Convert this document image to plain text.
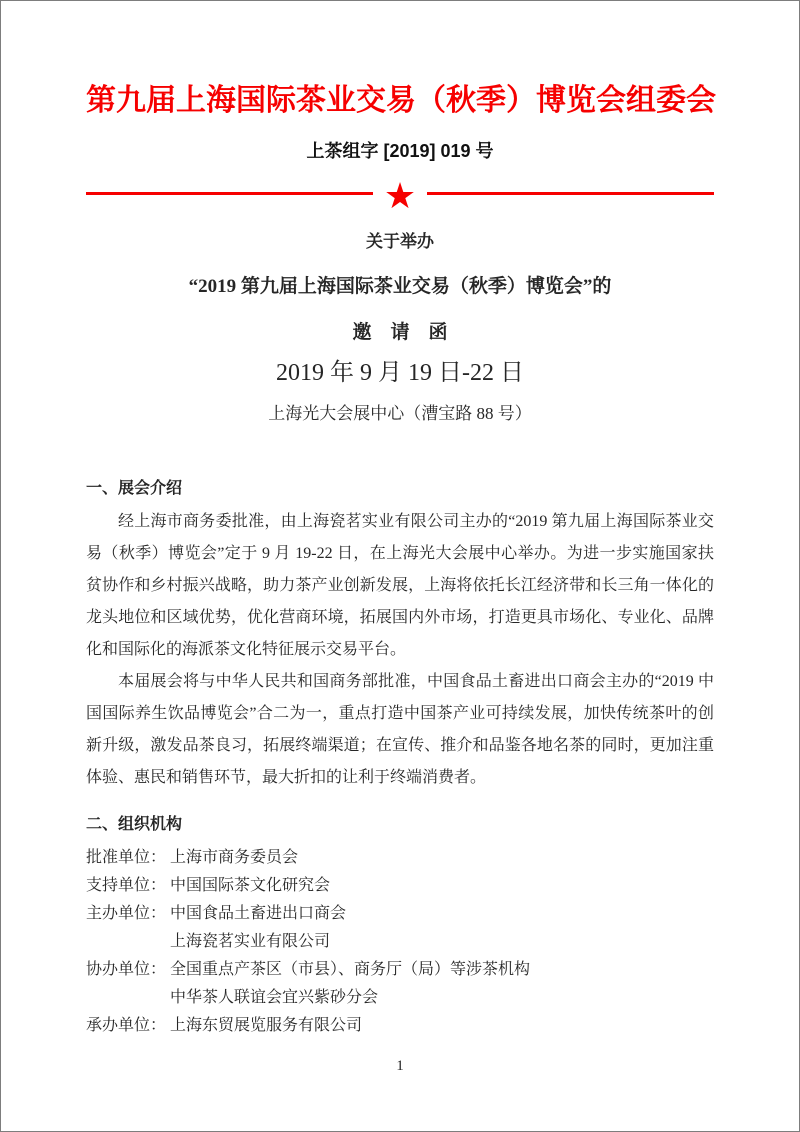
第九届上海国际茶业交易（秋季）博览会组委会
上茶组字 [2019] 019 号
★
关于举办
“2019 第九届上海国际茶业交易（秋季）博览会”的
邀　请　函
2019 年 9 月 19 日-22 日
上海光大会展中心（漕宝路 88 号）
一、展会介绍

经上海市商务委批准，由上海瓷茗实业有限公司主办的“2019 第九届上海国际茶业交易（秋季）博览会”定于 9 月 19-22 日，在上海光大会展中心举办。为进一步实施国家扶贫协作和乡村振兴战略，助力茶产业创新发展，上海将依托长江经济带和长三角一体化的龙头地位和区域优势，优化营商环境，拓展国内外市场，打造更具市场化、专业化、品牌化和国际化的海派茶文化特征展示交易平台。

本届展会将与中华人民共和国商务部批准，中国食品土畜进出口商会主办的“2019 中国国际养生饮品博览会”合二为一，重点打造中国茶产业可持续发展，加快传统茶叶的创新升级，激发品茶良习，拓展终端渠道；在宣传、推介和品鉴各地名茶的同时，更加注重体验、惠民和销售环节，最大折扣的让利于终端消费者。

二、组织机构
批准单位： 上海市商务委员会
支持单位： 中国国际茶文化研究会
主办单位： 中国食品土畜进出口商会
上海瓷茗实业有限公司
协办单位： 全国重点产茶区（市县）、商务厅（局）等涉茶机构
中华茶人联谊会宜兴紫砂分会
承办单位： 上海东贸展览服务有限公司
1
